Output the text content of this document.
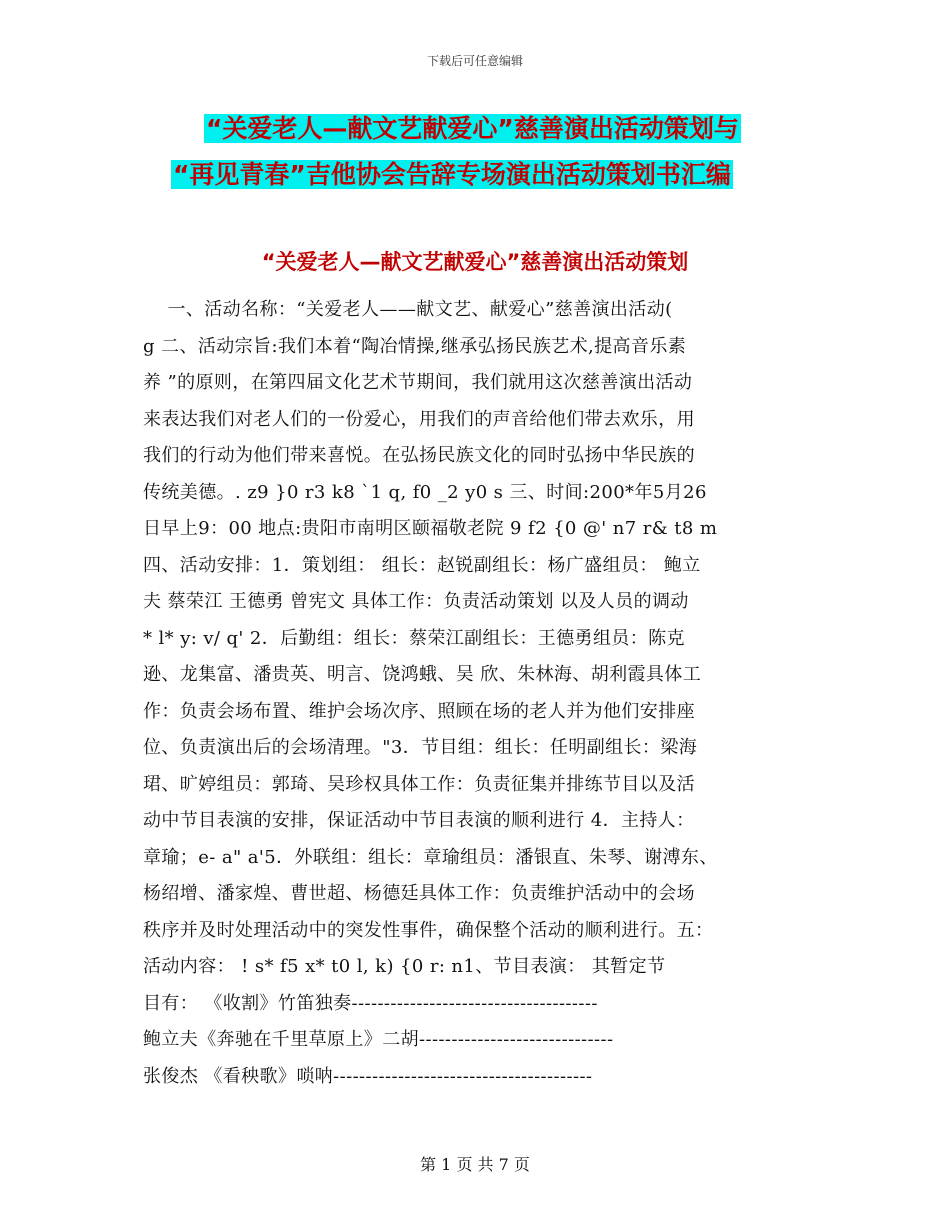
下载后可任意编辑
“关爱老人—献文艺献爱心”慈善演出活动策划与
“再见青春”吉他协会告辞专场演出活动策划书汇编
“关爱老人—献文艺献爱心”慈善演出活动策划
一、活动名称：“关爱老人——献文艺、献爱心”慈善演出活动(
g 二、活动宗旨:我们本着“陶冶情操,继承弘扬民族艺术,提高音乐素
养 ”的原则，在第四届文化艺术节期间，我们就用这次慈善演出活动
来表达我们对老人们的一份爱心，用我们的声音给他们带去欢乐，用
我们的行动为他们带来喜悦。在弘扬民族文化的同时弘扬中华民族的
传统美德。. z9 }0 r3 k8 `1 q, f0 _2 y0 s 三、时间:200*年5月26
日早上9：00 地点:贵阳市南明区颐福敬老院 9 f2 {0 @' n7 r& t8 m
四、活动安排：1．策划组： 组长：赵锐副组长：杨广盛组员： 鲍立
夫 蔡荣江 王德勇 曾宪文 具体工作：负责活动策划 以及人员的调动
* l* y: v/ q' 2．后勤组：组长：蔡荣江副组长：王德勇组员：陈克
逊、龙集富、潘贵英、明言、饶鸿蛾、吴 欣、朱林海、胡利霞具体工
作：负责会场布置、维护会场次序、照顾在场的老人并为他们安排座
位、负责演出后的会场清理。"3．节目组：组长：任明副组长：梁海
珺、旷婷组员：郭琦、吴珍权具体工作：负责征集并排练节目以及活
动中节目表演的安排，保证活动中节目表演的顺利进行 4．主持人：
章瑜；e- a" a'5．外联组：组长：章瑜组员：潘银直、朱琴、谢溥东、
杨绍增、潘家煌、曹世超、杨德廷具体工作：负责维护活动中的会场
秩序并及时处理活动中的突发性事件，确保整个活动的顺利进行。五：
活动内容： ! s* f5 x* t0 l, k) {0 r: n1、节目表演： 其暂定节
目有： 《收割》竹笛独奏--------------------------------------
鲍立夫《奔驰在千里草原上》二胡------------------------------
张俊杰 《看秧歌》唢呐----------------------------------------
第 1 页 共 7 页
